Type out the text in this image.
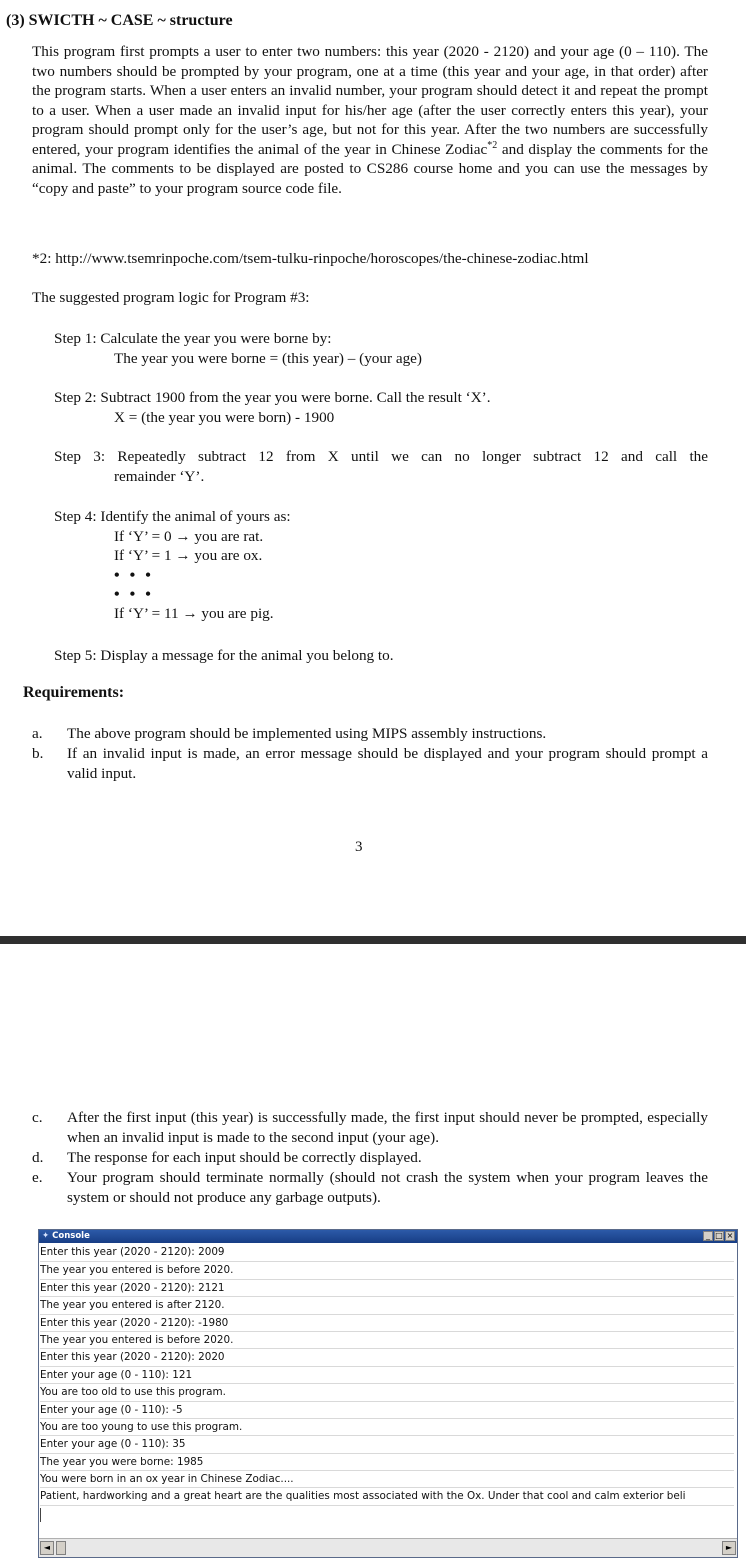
(3) SWICTH ~ CASE ~ structure

This program first prompts a user to enter two numbers: this year (2020 - 2120) and your age (0 – 110). The two numbers should be prompted by your program, one at a time (this year and your age, in that order) after the program starts. When a user enters an invalid number, your program should detect it and repeat the prompt to a user. When a user made an invalid input for his/her age (after the user correctly enters this year), your program should prompt only for the user’s age, but not for this year. After the two numbers are successfully entered, your program identifies the animal of the year in Chinese Zodiac$^{*2}$ and display the comments for the animal. The comments to be displayed are posted to CS286 course home and you can use the messages by “copy and paste” to your program source code file.

*2: http://www.tsemrinpoche.com/tsem-tulku-rinpoche/horoscopes/the-chinese-zodiac.html
The suggested program logic for Program #3:
Step 1: Calculate the year you were borne by:
The year you were borne = (this year) – (your age)
Step 2: Subtract 1900 from the year you were borne. Call the result ‘X’.
X = (the year you were born) - 1900
Step 3: Repeatedly subtract 12 from X until we can no longer subtract 12 and call the
remainder ‘Y’.
Step 4: Identify the animal of yours as:
If ‘Y’ = 0 → you are rat.
If ‘Y’ = 1 → you are ox.
• • •
• • •
If ‘Y’ = 11 → you are pig.
Step 5: Display a message for the animal you belong to.
Requirements:
a. The above program should be implemented using MIPS assembly instructions.
b. If an invalid input is made, an error message should be displayed and your program should prompt a valid input.
3
c. After the first input (this year) is successfully made, the first input should never be prompted, especially when an invalid input is made to the second input (your age).
d. The response for each input should be correctly displayed.
e. Your program should terminate normally (should not crash the system when your program leaves the system or should not produce any garbage outputs).
✦ Console	_ □ ×
Enter this year (2020 - 2120): 2009
The year you entered is before 2020.
Enter this year (2020 - 2120): 2121
The year you entered is after 2120.
Enter this year (2020 - 2120): -1980
The year you entered is before 2020.
Enter this year (2020 - 2120): 2020
Enter your age (0 - 110): 121
You are too old to use this program.
Enter your age (0 - 110): -5
You are too young to use this program.
Enter your age (0 - 110): 35
The year you were borne: 1985
You were born in an ox year in Chinese Zodiac....
Patient, hardworking and a great heart are the qualities most associated with the Ox. Under that cool and calm exterior beli
◄	►
